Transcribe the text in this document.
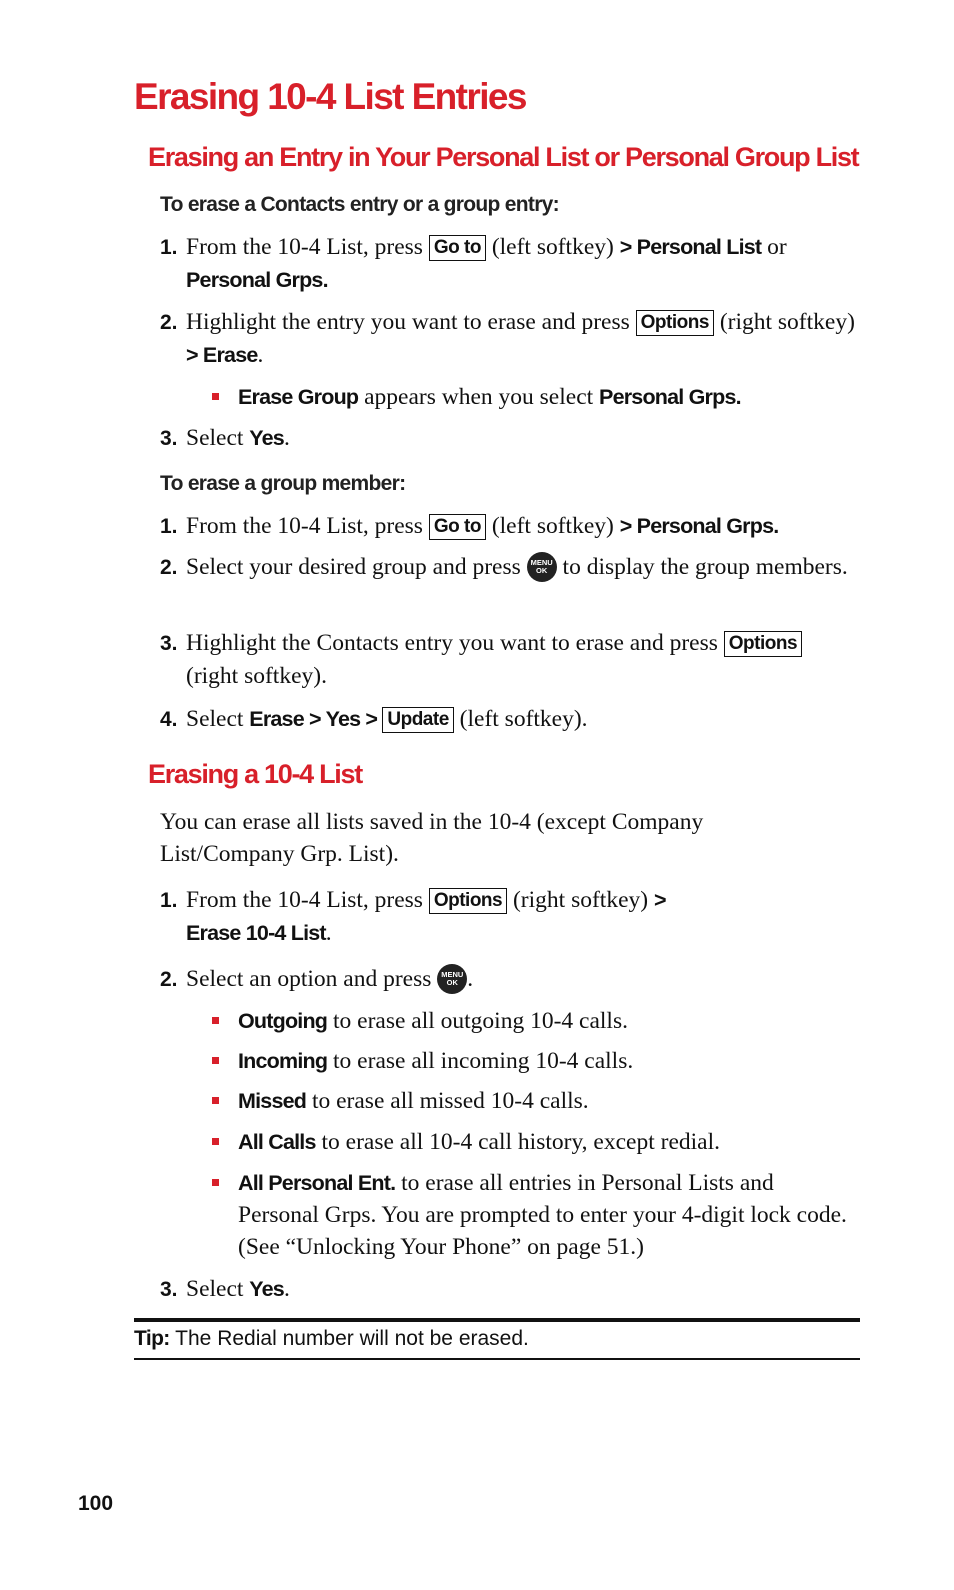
Erasing 10-4 List Entries
Erasing an Entry in Your Personal List or Personal Group List
To erase a Contacts entry or a group entry:
1. From the 10-4 List, press Go to (left softkey) > Personal List or Personal Grps.
2. Highlight the entry you want to erase and press Options (right softkey) > Erase.
Erase Group appears when you select Personal Grps.
3. Select Yes.
To erase a group member:
1. From the 10-4 List, press Go to (left softkey) > Personal Grps.
2. Select your desired group and press MENU
OK to display the group members.
3. Highlight the Contacts entry you want to erase and press Options (right softkey).
4. Select Erase > Yes > Update (left softkey).
Erasing a 10-4 List

You can erase all lists saved in the 10-4 (except Company List/Company Grp. List).

1. From the 10-4 List, press Options (right softkey) >
Erase 10-4 List.
2. Select an option and press MENU
OK .
Outgoing to erase all outgoing 10-4 calls.
Incoming to erase all incoming 10-4 calls.
Missed to erase all missed 10-4 calls.
All Calls to erase all 10-4 call history, except redial.
All Personal Ent. to erase all entries in Personal Lists and Personal Grps. You are prompted to enter your 4-digit lock code. (See “Unlocking Your Phone” on page 51.)
3. Select Yes.
Tip: The Redial number will not be erased.
100
